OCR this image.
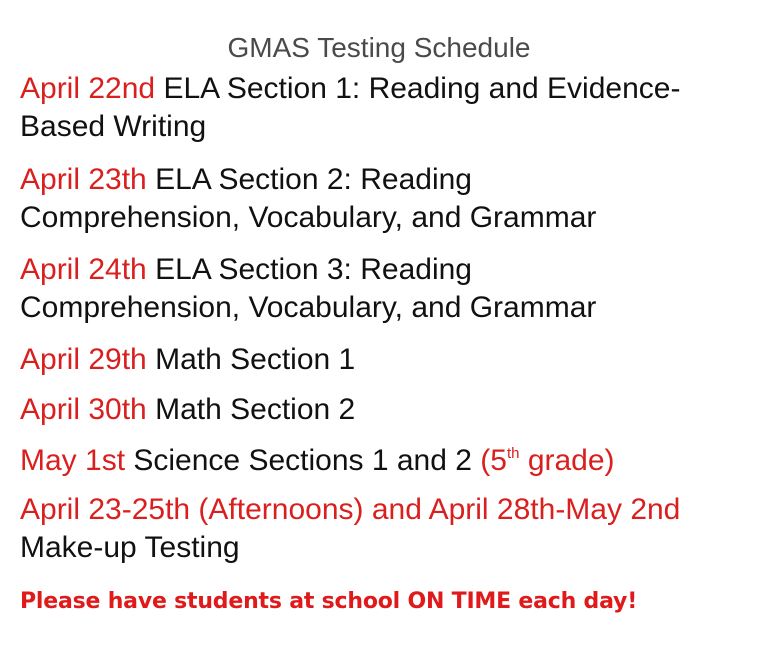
GMAS Testing Schedule
April 22nd ELA Section 1: Reading and Evidence-
Based Writing
April 23th ELA Section 2: Reading
Comprehension, Vocabulary, and Grammar
April 24th ELA Section 3: Reading
Comprehension, Vocabulary, and Grammar
April 29th Math Section 1
April 30th Math Section 2
May 1st Science Sections 1 and 2 (5th grade)
April 23-25th (Afternoons) and April 28th-May 2nd
Make-up Testing
Please have students at school ON TIME each day!
